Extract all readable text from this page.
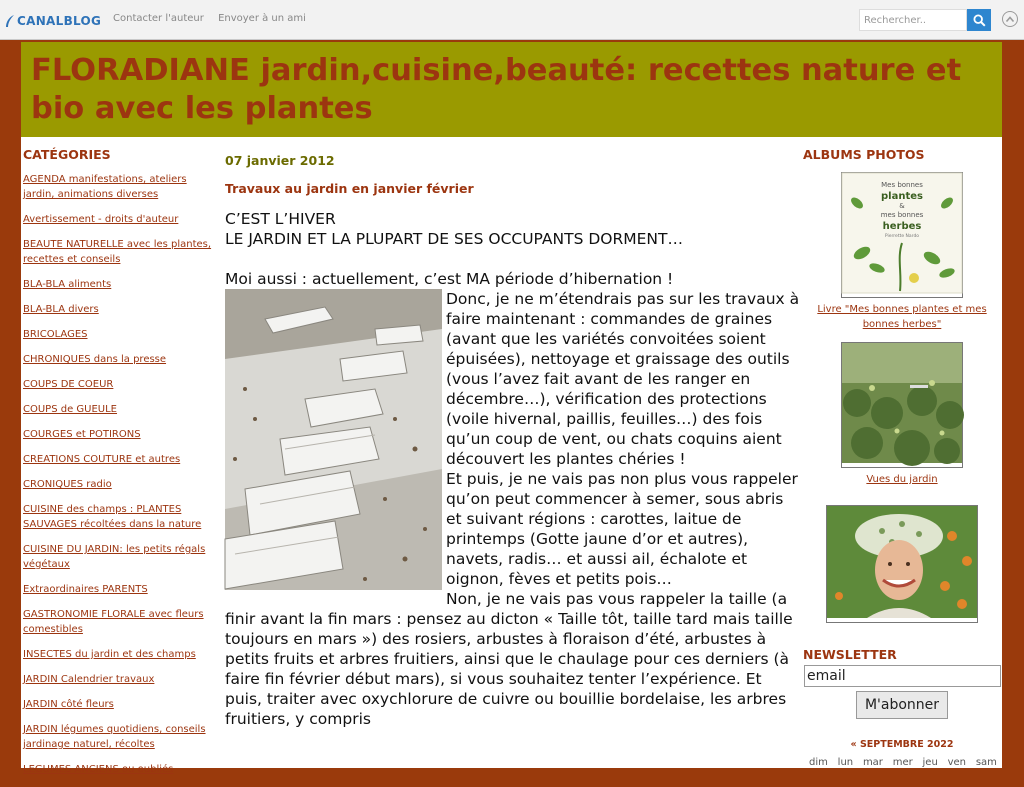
CANALBLOG Contacter l'auteur Envoyer à un ami
Rechercher..
FLORADIANE jardin,cuisine,beauté: recettes nature et bio avec les plantes
CATÉGORIES
AGENDA manifestations, ateliers jardin, animations diverses
Avertissement - droits d'auteur
BEAUTE NATURELLE avec les plantes, recettes et conseils
BLA-BLA aliments
BLA-BLA divers
BRICOLAGES
CHRONIQUES dans la presse
COUPS DE COEUR
COUPS de GUEULE
COURGES et POTIRONS
CREATIONS COUTURE et autres
CRONIQUES radio
CUISINE des champs : PLANTES SAUVAGES récoltées dans la nature
CUISINE DU JARDIN: les petits régals végétaux
Extraordinaires PARENTS
GASTRONOMIE FLORALE avec fleurs comestibles
INSECTES du jardin et des champs
JARDIN Calendrier travaux
JARDIN côté fleurs
JARDIN légumes quotidiens, conseils jardinage naturel, récoltes
LEGUMES ANCIENS ou oubliés
07 janvier 2012
Travaux au jardin en janvier février

C’EST L’HIVER

LE JARDIN ET LA PLUPART DE SES OCCUPANTS DORMENT…

Moi aussi : actuellement, c’est MA période d’hibernation !

Donc, je ne m’étendrais pas sur les travaux à faire maintenant : commandes de graines (avant que les variétés convoitées soient épuisées), nettoyage et graissage des outils (vous l’avez fait avant de les ranger en décembre…), vérification des protections (voile hivernal, paillis, feuilles…) des fois qu’un coup de vent, ou chats coquins aient découvert les plantes chéries !

Et puis, je ne vais pas non plus vous rappeler qu’on peut commencer à semer, sous abris et suivant régions : carottes, laitue de printemps (Gotte jaune d’or et autres), navets, radis… et aussi ail, échalote et oignon, fèves et petits pois…

Non, je ne vais pas vous rappeler la taille (a finir avant la fin mars : pensez au dicton « Taille tôt, taille tard mais taille toujours en mars ») des rosiers, arbustes à floraison d’été, arbustes à petits fruits et arbres fruitiers, ainsi que le chaulage pour ces derniers (à faire fin février début mars), si vous souhaitez tenter l’expérience. Et puis, traiter avec oxychlorure de cuivre ou bouillie bordelaise, les arbres fruitiers, y compris

ALBUMS PHOTOS
Mes bonnes
plantes
&
mes bonnes
herbes
Pierrette Nardo
Livre "Mes bonnes plantes et mes bonnes herbes"
Vues du jardin
NEWSLETTER
email
M'abonner
« SEPTEMBRE 2022
dim lun mar mer jeu ven sam
